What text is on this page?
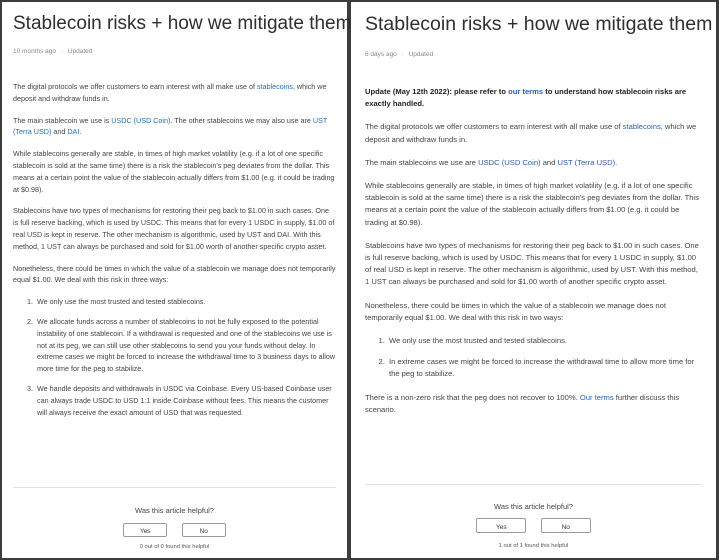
Stablecoin risks + how we mitigate them
10 months ago · Updated

The digital protocols we offer customers to earn interest with all make use of stablecoins, which we deposit and withdraw funds in.

The main stablecoin we use is USDC (USD Coin). The other stablecoins we may also use are UST (Terra USD) and DAI.

While stablecoins generally are stable, in times of high market volatility (e.g. if a lot of one specific stablecoin is sold at the same time) there is a risk the stablecoin's peg deviates from the dollar. This means at a certain point the value of the stablecoin actually differs from $1.00 (e.g. it could be trading at $0.98).

Stablecoins have two types of mechanisms for restoring their peg back to $1.00 in such cases. One is full reserve backing, which is used by USDC. This means that for every 1 USDC in supply, $1.00 of real USD is kept in reserve. The other mechanism is algorithmic, used by UST and DAI. With this method, 1 UST can always be purchased and sold for $1.00 worth of another specific crypto asset.

Nonetheless, there could be times in which the value of a stablecoin we manage does not temporarily equal $1.00. We deal with this risk in three ways:

1. We only use the most trusted and tested stablecoins.
2. We allocate funds across a number of stablecoins to not be fully exposed to the potential instability of one stablecoin. If a withdrawal is requested and one of the stablecoins we use is not at its peg, we can still use other stablecoins to send you your funds without delay. In extreme cases we might be forced to increase the withdrawal time to 3 business days to allow more time for the peg to stabilize.
3. We handle deposits and withdrawals in USDC via Coinbase. Every US-based Coinbase user can always trade USDC to USD 1:1 inside Coinbase without fees. This means the customer will always receive the exact amount of USD that was requested.
Was this article helpful?
Yes	No
0 out of 0 found this helpful
Stablecoin risks + how we mitigate them
6 days ago · Updated

Update (May 12th 2022): please refer to our terms to understand how stablecoin risks are exactly handled.

The digital protocols we offer customers to earn interest with all make use of stablecoins, which we deposit and withdraw funds in.

The main stablecoins we use are USDC (USD Coin) and UST (Terra USD).

While stablecoins generally are stable, in times of high market volatility (e.g. if a lot of one specific stablecoin is sold at the same time) there is a risk the stablecoin's peg deviates from the dollar. This means at a certain point the value of the stablecoin actually differs from $1.00 (e.g. it could be trading at $0.98).

Stablecoins have two types of mechanisms for restoring their peg back to $1.00 in such cases. One is full reserve backing, which is used by USDC. This means that for every 1 USDC in supply, $1.00 of real USD is kept in reserve. The other mechanism is algorithmic, used by UST. With this method, 1 UST can always be purchased and sold for $1.00 worth of another specific crypto asset.

Nonetheless, there could be times in which the value of a stablecoin we manage does not temporarily equal $1.00. We deal with this risk in two ways:

1. We only use the most trusted and tested stablecoins.
2. In extreme cases we might be forced to increase the withdrawal time to allow more time for the peg to stabilize.

There is a non-zero risk that the peg does not recover to 100%. Our terms further discuss this scenario.

Was this article helpful?
Yes	No
1 out of 1 found this helpful
